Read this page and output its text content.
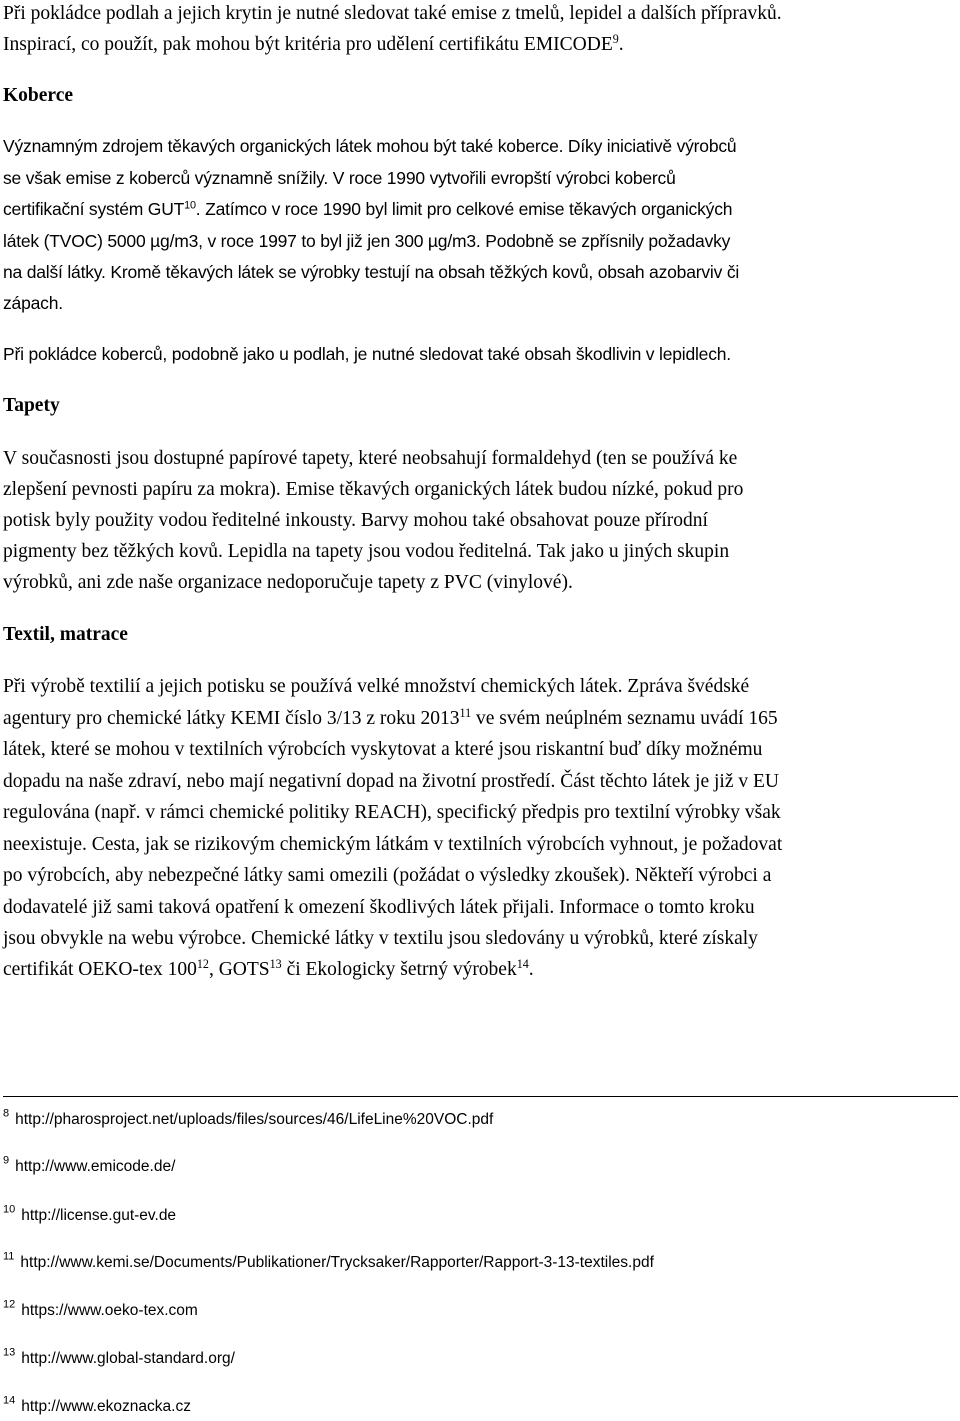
Při pokládce podlah a jejich krytin je nutné sledovat také emise z tmelů, lepidel a dalších přípravků.

Inspirací, co použít, pak mohou být kritéria pro udělení certifikátu EMICODE$^9$.

Koberce

Významným zdrojem těkavých organických látek mohou být také koberce. Díky iniciativě výrobců

se však emise z koberců významně snížily. V roce 1990 vytvořili evropští výrobci koberců

certifikační systém GUT$^{10}$. Zatímco v roce 1990 byl limit pro celkové emise těkavých organických

látek (TVOC) 5000 µg/m3, v roce 1997 to byl již jen 300 µg/m3. Podobně se zpřísnily požadavky

na další látky. Kromě těkavých látek se výrobky testují na obsah těžkých kovů, obsah azobarviv či

zápach.

Při pokládce koberců, podobně jako u podlah, je nutné sledovat také obsah škodlivin v lepidlech.

Tapety

V současnosti jsou dostupné papírové tapety, které neobsahují formaldehyd (ten se používá ke

zlepšení pevnosti papíru za mokra). Emise těkavých organických látek budou nízké, pokud pro

potisk byly použity vodou ředitelné inkousty. Barvy mohou také obsahovat pouze přírodní

pigmenty bez těžkých kovů. Lepidla na tapety jsou vodou ředitelná. Tak jako u jiných skupin

výrobků, ani zde naše organizace nedoporučuje tapety z PVC (vinylové).

Textil, matrace

Při výrobě textilií a jejich potisku se používá velké množství chemických látek. Zpráva švédské

agentury pro chemické látky KEMI číslo 3/13 z roku 2013$^{11}$ ve svém neúplném seznamu uvádí 165

látek, které se mohou v textilních výrobcích vyskytovat a které jsou riskantní buď díky možnému

dopadu na naše zdraví, nebo mají negativní dopad na životní prostředí. Část těchto látek je již v EU

regulována (např. v rámci chemické politiky REACH), specifický předpis pro textilní výrobky však

neexistuje. Cesta, jak se rizikovým chemickým látkám v textilních výrobcích vyhnout, je požadovat

po výrobcích, aby nebezpečné látky sami omezili (požádat o výsledky zkoušek). Někteří výrobci a

dodavatelé již sami taková opatření k omezení škodlivých látek přijali. Informace o tomto kroku

jsou obvykle na webu výrobce. Chemické látky v textilu jsou sledovány u výrobků, které získaly

certifikát OEKO-tex $100^{12}$, GOTS$^{13}$ či Ekologicky šetrný výrobek$^{14}$.

$^8$ http://pharosproject.net/uploads/files/sources/46/LifeLine%20VOC.pdf

$^9$ http://www.emicode.de/

$^{10}$ http://license.gut-ev.de

$^{11}$ http://www.kemi.se/Documents/Publikationer/Trycksaker/Rapporter/Rapport-3-13-textiles.pdf

$^{12}$ https://www.oeko-tex.com

$^{13}$ http://www.global-standard.org/

$^{14}$ http://www.ekoznacka.cz
